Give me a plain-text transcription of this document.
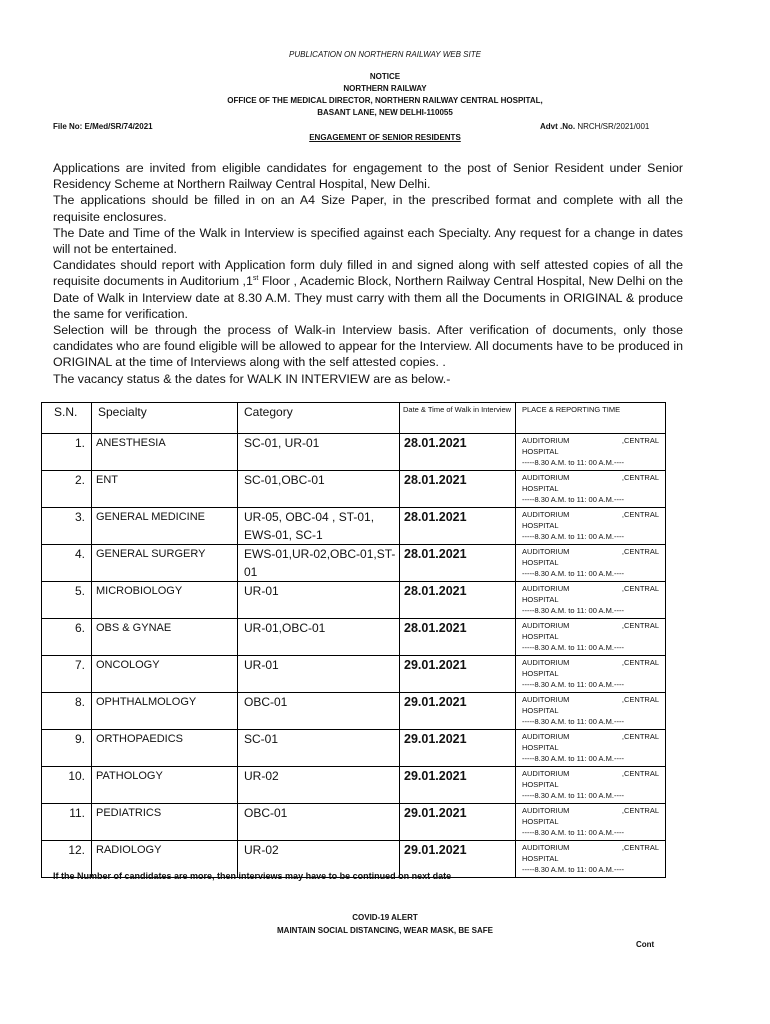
PUBLICATION ON NORTHERN RAILWAY WEB SITE
NOTICE
NORTHERN RAILWAY
OFFICE OF THE MEDICAL DIRECTOR, NORTHERN RAILWAY CENTRAL HOSPITAL,
BASANT LANE, NEW DELHI-110055
File No: E/Med/SR/74/2021	Advt .No. NRCH/SR/2021/001
ENGAGEMENT OF SENIOR RESIDENTS

Applications are invited from eligible candidates for engagement to the post of Senior Resident under Senior Residency Scheme at Northern Railway Central Hospital, New Delhi.

The applications should be filled in on an A4 Size Paper, in the prescribed format and complete with all the requisite enclosures.

The Date and Time of the Walk in Interview is specified against each Specialty. Any request for a change in dates will not be entertained.

Candidates should report with Application form duly filled in and signed along with self attested copies of all the requisite documents in Auditorium ,1st Floor , Academic Block, Northern Railway Central Hospital, New Delhi on the Date of Walk in Interview date at 8.30 A.M. They must carry with them all the Documents in ORIGINAL & produce the same for verification.

Selection will be through the process of Walk-in Interview basis. After verification of documents, only those candidates who are found eligible will be allowed to appear for the Interview. All documents have to be produced in ORIGINAL at the time of Interviews along with the self attested copies. .

The vacancy status & the dates for WALK IN INTERVIEW are as below.-

S.N.	Specialty	Category	Date & Time of Walk in Interview	PLACE & REPORTING TIME
1.	ANESTHESIA	SC-01, UR-01	28.01.2021	AUDITORIUM ,CENTRAL
HOSPITAL
-----8.30 A.M. to 11: 00 A.M.----

2.	ENT	SC-01,OBC-01	28.01.2021	AUDITORIUM ,CENTRAL
HOSPITAL
-----8.30 A.M. to 11: 00 A.M.----

3.	GENERAL MEDICINE	UR-05, OBC-04 , ST-01, EWS-01, SC-1	28.01.2021	AUDITORIUM ,CENTRAL
HOSPITAL
-----8.30 A.M. to 11: 00 A.M.----

4.	GENERAL SURGERY	EWS-01,UR-02,OBC-01,ST-01	28.01.2021	AUDITORIUM ,CENTRAL
HOSPITAL
-----8.30 A.M. to 11: 00 A.M.----

5.	MICROBIOLOGY	UR-01	28.01.2021	AUDITORIUM ,CENTRAL
HOSPITAL
-----8.30 A.M. to 11: 00 A.M.----

6.	OBS & GYNAE	UR-01,OBC-01	28.01.2021	AUDITORIUM ,CENTRAL
HOSPITAL
-----8.30 A.M. to 11: 00 A.M.----

7.	ONCOLOGY	UR-01	29.01.2021	AUDITORIUM ,CENTRAL
HOSPITAL
-----8.30 A.M. to 11: 00 A.M.----

8.	OPHTHALMOLOGY	OBC-01	29.01.2021	AUDITORIUM ,CENTRAL
HOSPITAL
-----8.30 A.M. to 11: 00 A.M.----

9.	ORTHOPAEDICS	SC-01	29.01.2021	AUDITORIUM ,CENTRAL
HOSPITAL
-----8.30 A.M. to 11: 00 A.M.----

10.	PATHOLOGY	UR-02	29.01.2021	AUDITORIUM ,CENTRAL
HOSPITAL
-----8.30 A.M. to 11: 00 A.M.----

11.	PEDIATRICS	OBC-01	29.01.2021	AUDITORIUM ,CENTRAL
HOSPITAL
-----8.30 A.M. to 11: 00 A.M.----

12.	RADIOLOGY	UR-02	29.01.2021	AUDITORIUM ,CENTRAL
HOSPITAL
-----8.30 A.M. to 11: 00 A.M.----
If the Number of candidates are more, then interviews may have to be continued on next date
COVID-19 ALERT
MAINTAIN SOCIAL DISTANCING, WEAR MASK, BE SAFE
Cont
